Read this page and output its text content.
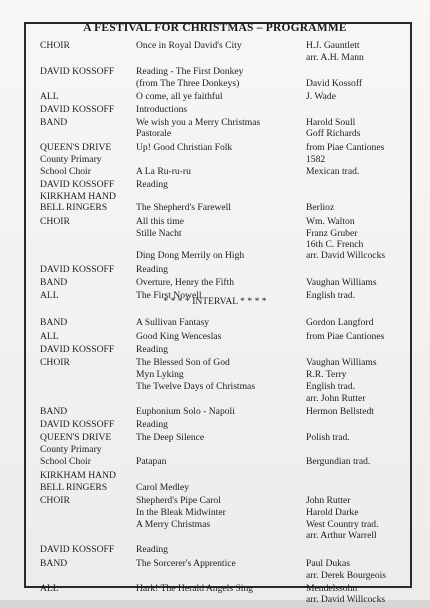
A FESTIVAL FOR CHRISTMAS – PROGRAMME
CHOIR	Once in Royal David's City	H.J. Gauntlett
arr. A.H. Mann
DAVID KOSSOFF Reading - The First Donkey
(from The Three Donkeys)	David Kossoff
ALL	O come, all ye faithful	J. Wade
DAVID KOSSOFF Introductions
BAND	We wish you a Merry Christmas	Harold Soull
Pastorale	Goff Richards
QUEEN'S DRIVE	Up! Good Christian Folk	from Piae Cantiones
County Primary	1582
School Choir	A La Ru-ru-ru	Mexican trad.
DAVID KOSSOFF Reading
KIRKHAM HAND
BELL RINGERS	The Shepherd's Farewell	Berlioz
CHOIR	All this time	Wm. Walton
Stille Nacht	Franz Gruber
16th C. French
Ding Dong Merrily on High	arr. David Willcocks
DAVID KOSSOFF Reading
BAND	Overture, Henry the Fifth	Vaughan Williams
ALL	The First Nowell	English trad.
BAND	A Sullivan Fantasy	Gordon Langford
ALL	Good King Wenceslas	from Piae Cantiones
DAVID KOSSOFF Reading
CHOIR	The Blessed Son of God	Vaughan Williams
Myn Lyking	R.R. Terry
The Twelve Days of Christmas	English trad.
arr. John Rutter
BAND	Euphonium Solo - Napoli	Hermon Bellstedt
DAVID KOSSOFF Reading
QUEEN'S DRIVE	The Deep Silence	Polish trad.
County Primary
School Choir	Patapan	Bergundian trad.
KIRKHAM HAND
BELL RINGERS	Carol Medley
CHOIR	Shepherd's Pipe Carol	John Rutter
In the Bleak Midwinter	Harold Darke
A Merry Christmas	West Country trad.
arr. Arthur Warrell
DAVID KOSSOFF Reading
BAND	The Sorcerer's Apprentice	Paul Dukas
arr. Derek Bourgeois
ALL	Hark! The Herald Angels Sing	Mendelssohn
arr. David Willcocks
* * * * INTERVAL * * * *
